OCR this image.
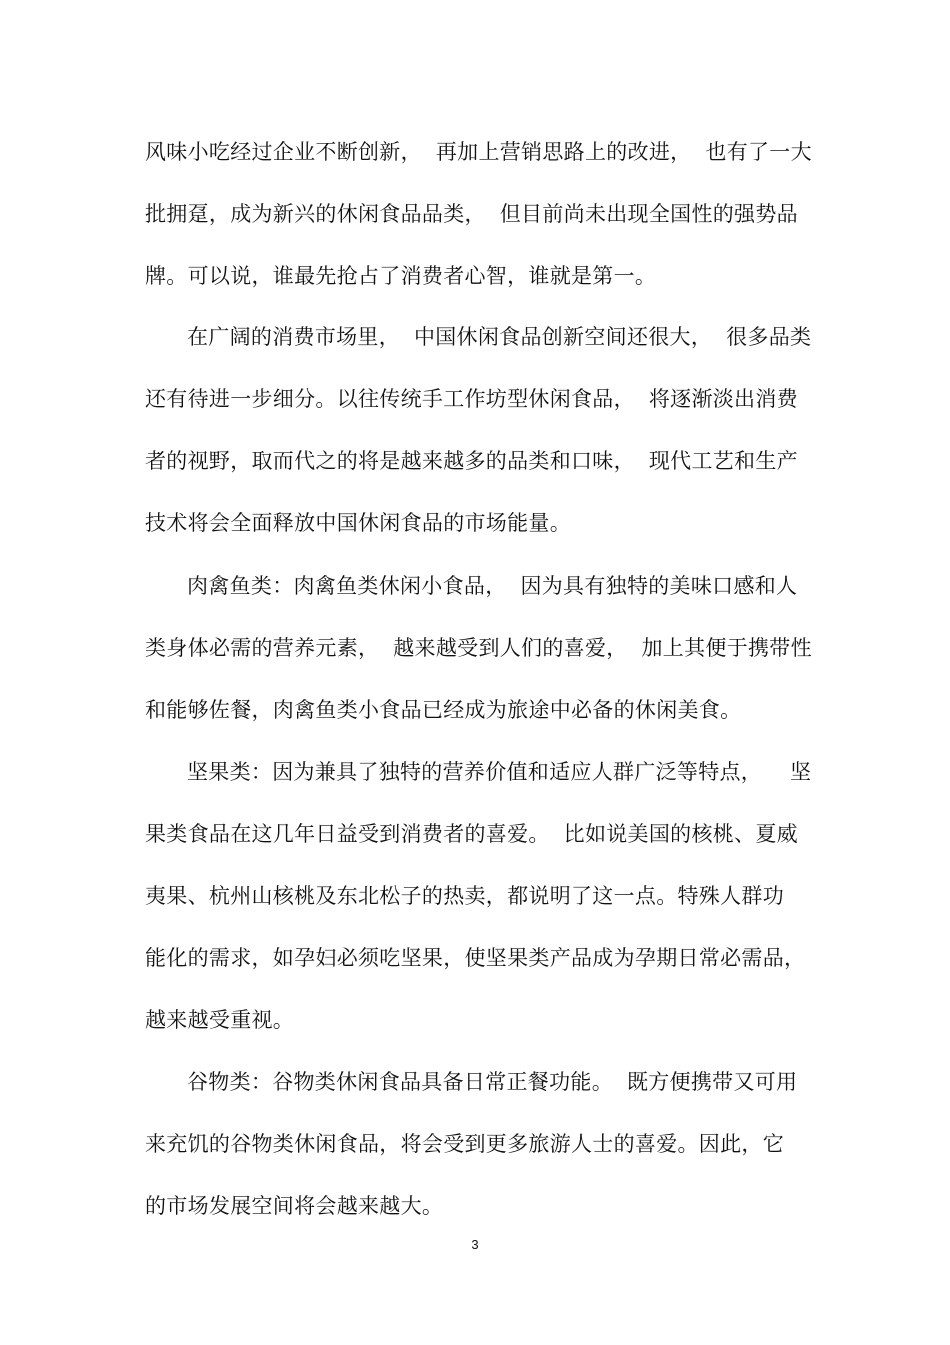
风味小吃经过企业不断创新，  再加上营销思路上的改进，  也有了一大
批拥趸，成为新兴的休闲食品品类，  但目前尚未出现全国性的强势品
牌。可以说，谁最先抢占了消费者心智，谁就是第一。
在广阔的消费市场里，  中国休闲食品创新空间还很大，  很多品类
还有待进一步细分。以往传统手工作坊型休闲食品，  将逐渐淡出消费
者的视野，取而代之的将是越来越多的品类和口味，  现代工艺和生产
技术将会全面释放中国休闲食品的市场能量。
肉禽鱼类：肉禽鱼类休闲小食品，  因为具有独特的美味口感和人
类身体必需的营养元素，  越来越受到人们的喜爱，  加上其便于携带性
和能够佐餐，肉禽鱼类小食品已经成为旅途中必备的休闲美食。
坚果类：因为兼具了独特的营养价值和适应人群广泛等特点，    坚
果类食品在这几年日益受到消费者的喜爱。  比如说美国的核桃、夏威
夷果、杭州山核桃及东北松子的热卖，都说明了这一点。特殊人群功
能化的需求，如孕妇必须吃坚果，使坚果类产品成为孕期日常必需品，
越来越受重视。
谷物类：谷物类休闲食品具备日常正餐功能。  既方便携带又可用
来充饥的谷物类休闲食品，将会受到更多旅游人士的喜爱。因此，它
的市场发展空间将会越来越大。
3
